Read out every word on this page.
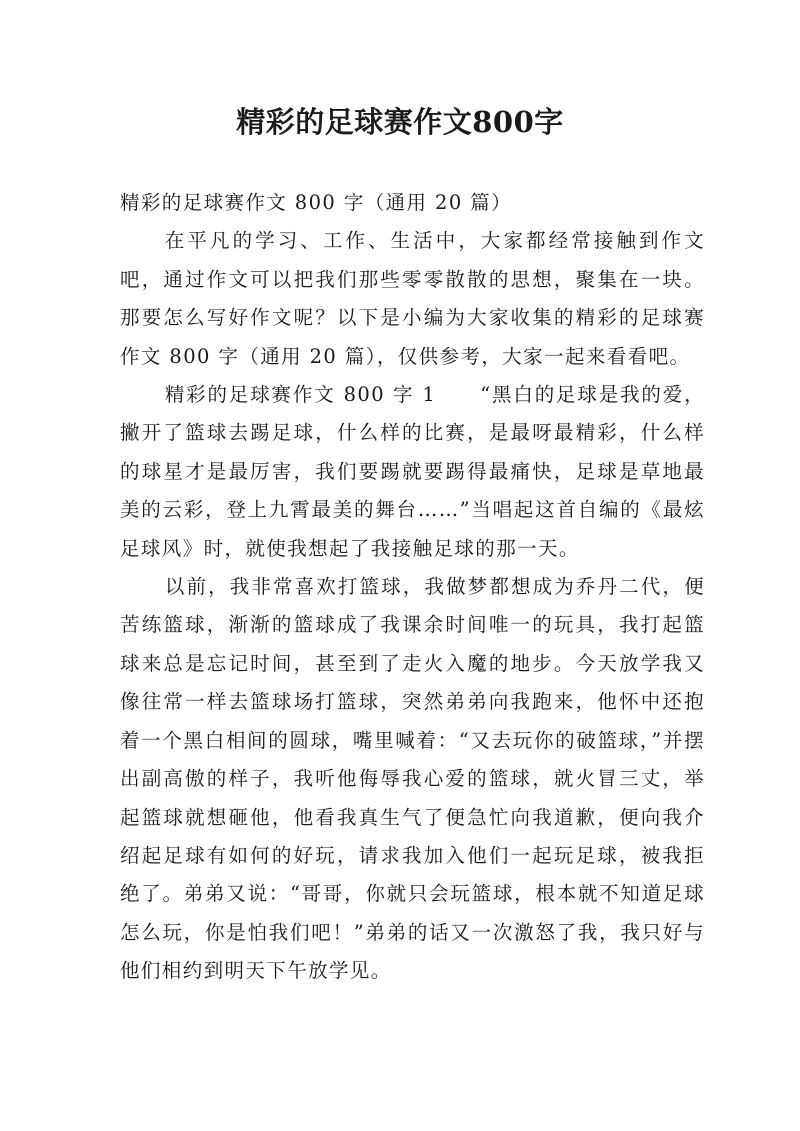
精彩的足球赛作文800字

精彩的足球赛作文 800 字（通用 20 篇）

在平凡的学习、工作、生活中，大家都经常接触到作文吧，通过作文可以把我们那些零零散散的思想，聚集在一块。那要怎么写好作文呢？以下是小编为大家收集的精彩的足球赛作文 800 字（通用 20 篇），仅供参考，大家一起来看看吧。

精彩的足球赛作文 800 字 1 “黑白的足球是我的爱，撇开了篮球去踢足球，什么样的比赛，是最呀最精彩，什么样的球星才是最厉害，我们要踢就要踢得最痛快，足球是草地最美的云彩，登上九霄最美的舞台……”当唱起这首自编的《最炫足球风》时，就使我想起了我接触足球的那一天。

以前，我非常喜欢打篮球，我做梦都想成为乔丹二代，便苦练篮球，渐渐的篮球成了我课余时间唯一的玩具，我打起篮球来总是忘记时间，甚至到了走火入魔的地步。今天放学我又像往常一样去篮球场打篮球，突然弟弟向我跑来，他怀中还抱着一个黑白相间的圆球，嘴里喊着：“又去玩你的破篮球，”并摆出副高傲的样子，我听他侮辱我心爱的篮球，就火冒三丈，举起篮球就想砸他，他看我真生气了便急忙向我道歉，便向我介绍起足球有如何的好玩，请求我加入他们一起玩足球，被我拒绝了。弟弟又说：“哥哥，你就只会玩篮球，根本就不知道足球怎么玩，你是怕我们吧！”弟弟的话又一次激怒了我，我只好与他们相约到明天下午放学见。
